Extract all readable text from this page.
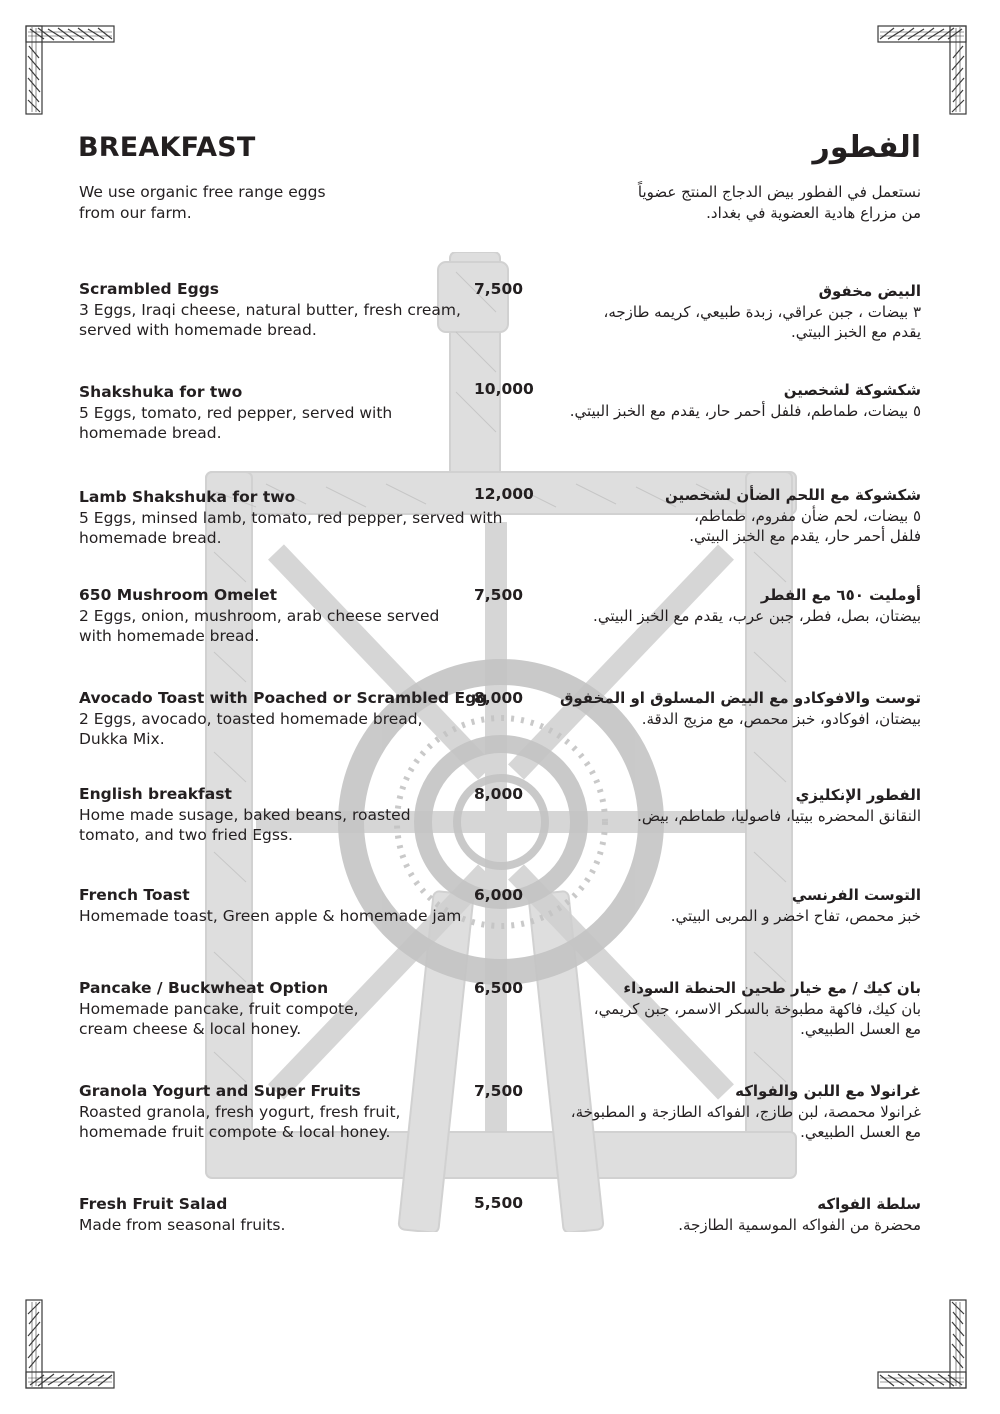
BREAKFAST	الفطور
We use organic free range eggs
from our farm.
نستعمل في الفطور بيض الدجاج المنتج عضوياً
من مزراع هادية العضوية في بغداد.
Scrambled Eggs
3 Eggs, Iraqi cheese, natural butter, fresh cream,
served with homemade bread.
7,500	البيض مخفوق
٣ بيضات ، جبن عراقي، زبدة طبيعي، كريمه طازجه،
يقدم مع الخبز البيتي.
Shakshuka for two
5 Eggs, tomato, red pepper, served with
homemade bread.
10,000	شكشوكة لشخصين
٥ بيضات، طماطم، فلفل أحمر حار، يقدم مع الخبز البيتي.
Lamb Shakshuka for two
5 Eggs, minsed lamb, tomato, red pepper, served with
homemade bread.
12,000	شكشوكة مع اللحم الضأن لشخصين
٥ بيضات، لحم ضأن مفروم، طماطم،
فلفل أحمر حار، يقدم مع الخبز البيتي.
650 Mushroom Omelet
2 Eggs, onion, mushroom, arab cheese served
with homemade bread.
7,500	أومليت ٦٥٠ مع الفطر
بيضتان، بصل، فطر، جبن عرب، يقدم مع الخبز البيتي.
Avocado Toast with Poached or Scrambled Egg
2 Eggs, avocado, toasted homemade bread,
Dukka Mix.
8,000	توست والافوكادو مع البيض المسلوق او المخفوق
بيضتان، افوكادو، خبز محمص، مع مزيج الدقة.
English breakfast
Home made susage, baked beans, roasted
tomato, and two fried Egss.
8,000	الفطور الإنكليزي
النقانق المحضره بيتيا، فاصوليا، طماطم، بيض.
French Toast
Homemade toast, Green apple & homemade jam
6,000	التوست الفرنسي
خبز محمص، تفاح اخضر و المربى البيتي.
Pancake / Buckwheat Option
Homemade pancake, fruit compote,
cream cheese & local honey.
6,500	بان كيك / مع خيار طحين الحنطة السوداء
بان كيك، فاكهة مطبوخة بالسكر الاسمر، جبن كريمي،
مع العسل الطبيعي.
Granola Yogurt and Super Fruits
Roasted granola, fresh yogurt, fresh fruit,
homemade fruit compote & local honey.
7,500	غرانولا مع اللبن والفواكه
غرانولا محمصة، لبن طازج، الفواكه الطازجة و المطبوخة،
مع العسل الطبيعي.
Fresh Fruit Salad
Made from seasonal fruits.
5,500	سلطة الفواكه
محضرة من الفواكه الموسمية الطازجة.
